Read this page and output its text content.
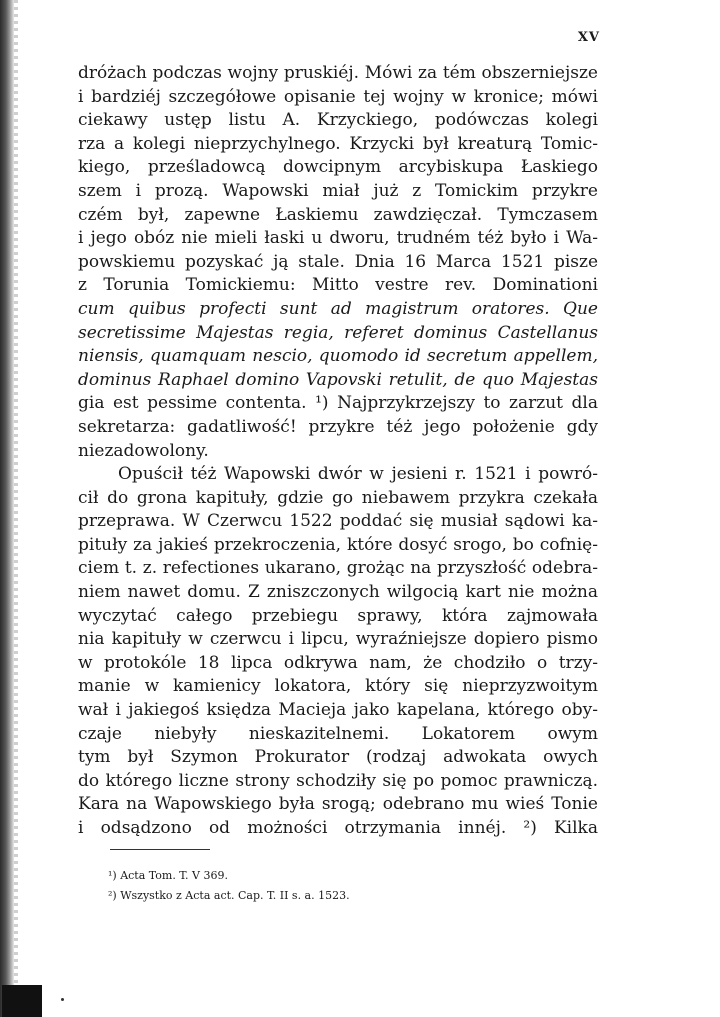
XV
dróżach podczas wojny pruskiéj. Mówi za tém obszerniejsze
i bardziéj szczegółowe opisanie tej wojny w kronice; mówi
ciekawy ustęp listu A. Krzyckiego, podówczas kolegi
rza a kolegi nieprzychylnego. Krzycki był kreaturą Tomic-
kiego, prześladowcą dowcipnym arcybiskupa Łaskiego
szem i prozą. Wapowski miał już z Tomickim przykre
czém był, zapewne Łaskiemu zawdzięczał. Tymczasem
i jego obóz nie mieli łaski u dworu, trudném téż było i Wa-
powskiemu pozyskać ją stale. Dnia 16 Marca 1521 pisze
z Torunia Tomickiemu: Mitto vestre rev. Dominationi
cum quibus profecti sunt ad magistrum oratores. Que
secretissime Majestas regia, referet dominus Castellanus
niensis, quamquam nescio, quomodo id secretum appellem,
dominus Raphael domino Vapovski retulit, de quo Majestas
gia est pessime contenta. ¹) Najprzykrzejszy to zarzut dla
sekretarza: gadatliwość! przykre téż jego położenie gdy
niezadowolony.
Opuścił téż Wapowski dwór w jesieni r. 1521 i powró-
cił do grona kapituły, gdzie go niebawem przykra czekała
przeprawa. W Czerwcu 1522 poddać się musiał sądowi ka-
pituły za jakieś przekroczenia, które dosyć srogo, bo cofnię-
ciem t. z. refectiones ukarano, grożąc na przyszłość odebra-
niem nawet domu. Z zniszczonych wilgocią kart nie można
wyczytać całego przebiegu sprawy, która zajmowała
nia kapituły w czerwcu i lipcu, wyraźniejsze dopiero pismo
w protokóle 18 lipca odkrywa nam, że chodziło o trzy-
manie w kamienicy lokatora, który się nieprzyzwoitym
wał i jakiegoś księdza Macieja jako kapelana, którego oby-
czaje niebyły nieskazitelnemi. Lokatorem owym
tym był Szymon Prokurator (rodzaj adwokata owych
do którego liczne strony schodziły się po pomoc prawniczą.
Kara na Wapowskiego była srogą; odebrano mu wieś Tonie
i odsądzono od możności otrzymania innéj. ²) Kilka
¹) Acta Tom. T. V 369.
²) Wszystko z Acta act. Cap. T. II s. a. 1523.
